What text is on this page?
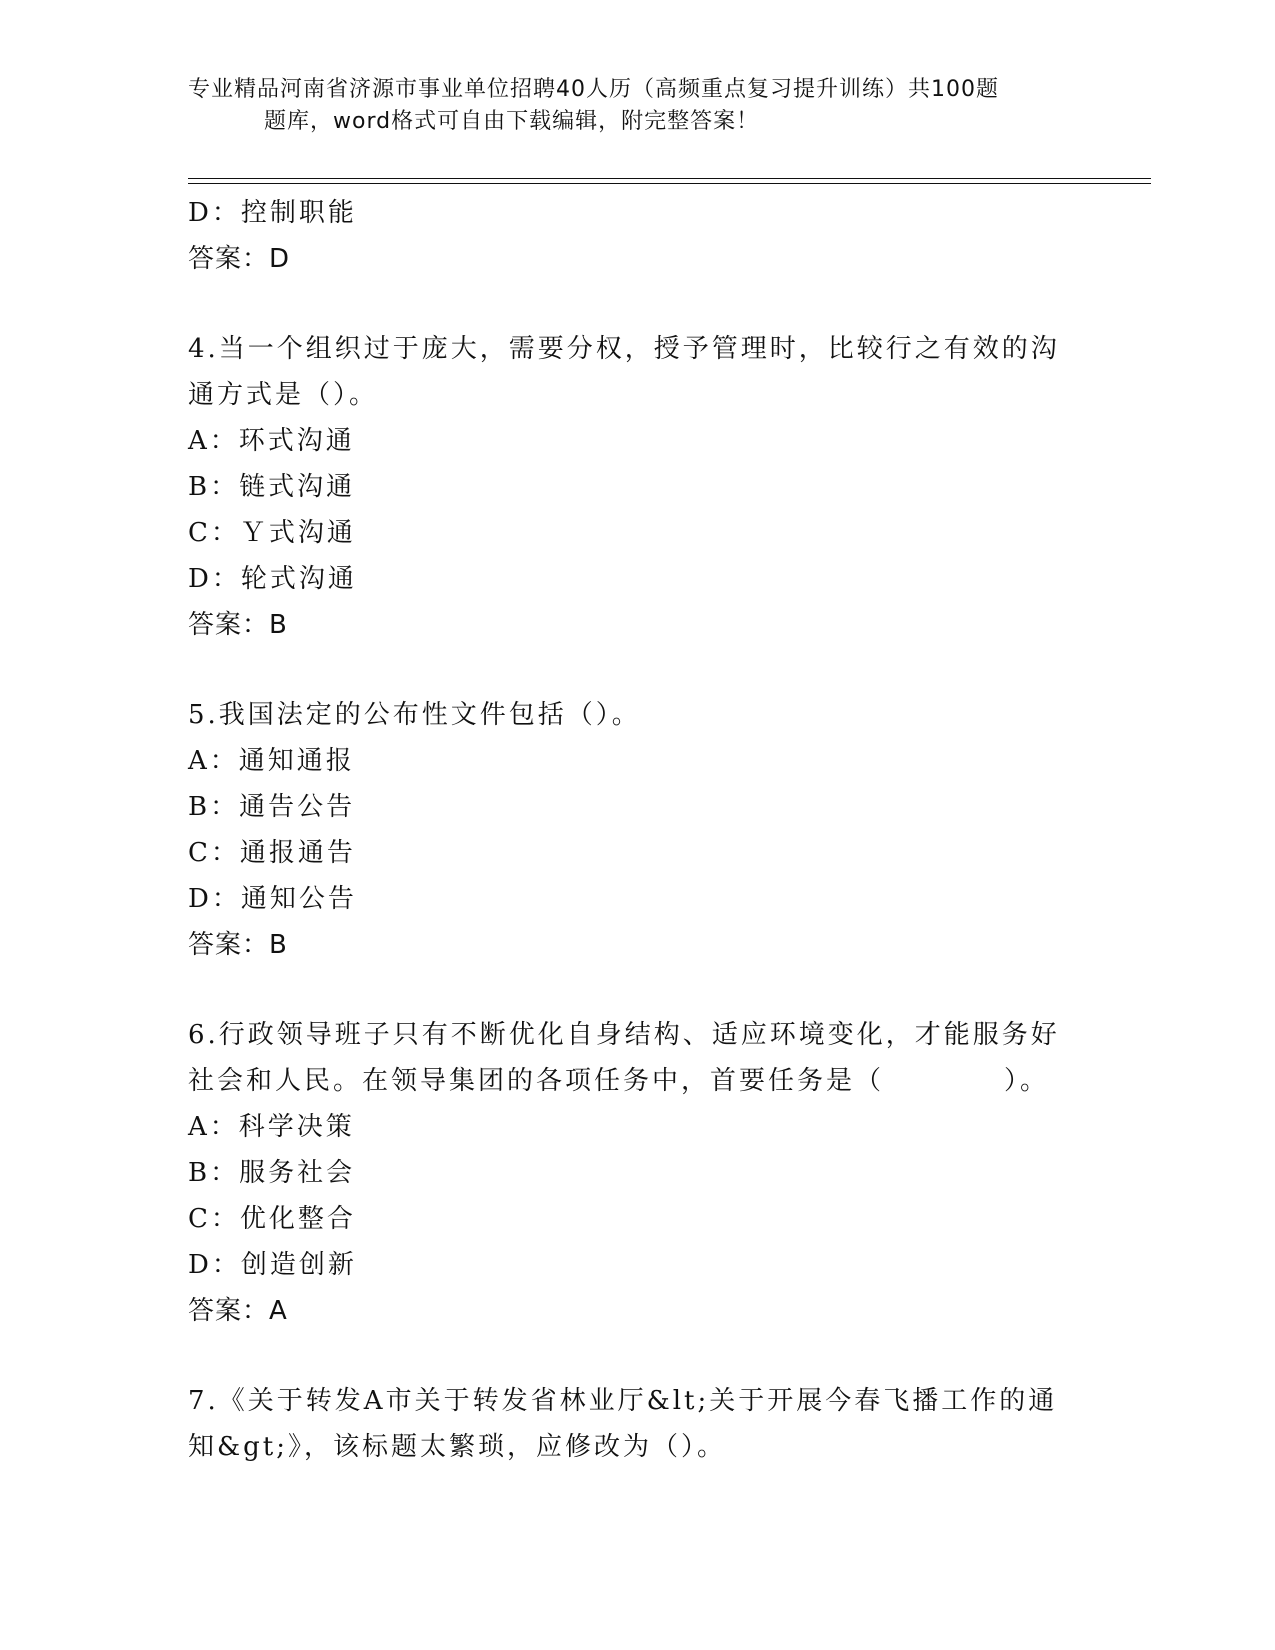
专业精品河南省济源市事业单位招聘40人历（高频重点复习提升训练）共100题
题库，word格式可自由下载编辑，附完整答案！
D：控制职能
答案：D
4.当一个组织过于庞大，需要分权，授予管理时，比较行之有效的沟
通方式是（）。
A：环式沟通
B：链式沟通
C：Ｙ式沟通
D：轮式沟通
答案：B
5.我国法定的公布性文件包括（）。
A：通知通报
B：通告公告
C：通报通告
D：通知公告
答案：B
6.行政领导班子只有不断优化自身结构、适应环境变化，才能服务好
社会和人民。在领导集团的各项任务中，首要任务是（	）。
A：科学决策
B：服务社会
C：优化整合
D：创造创新
答案：A
7.《关于转发A市关于转发省林业厅&lt;关于开展今春飞播工作的通
知&gt;》，该标题太繁琐，应修改为（）。
